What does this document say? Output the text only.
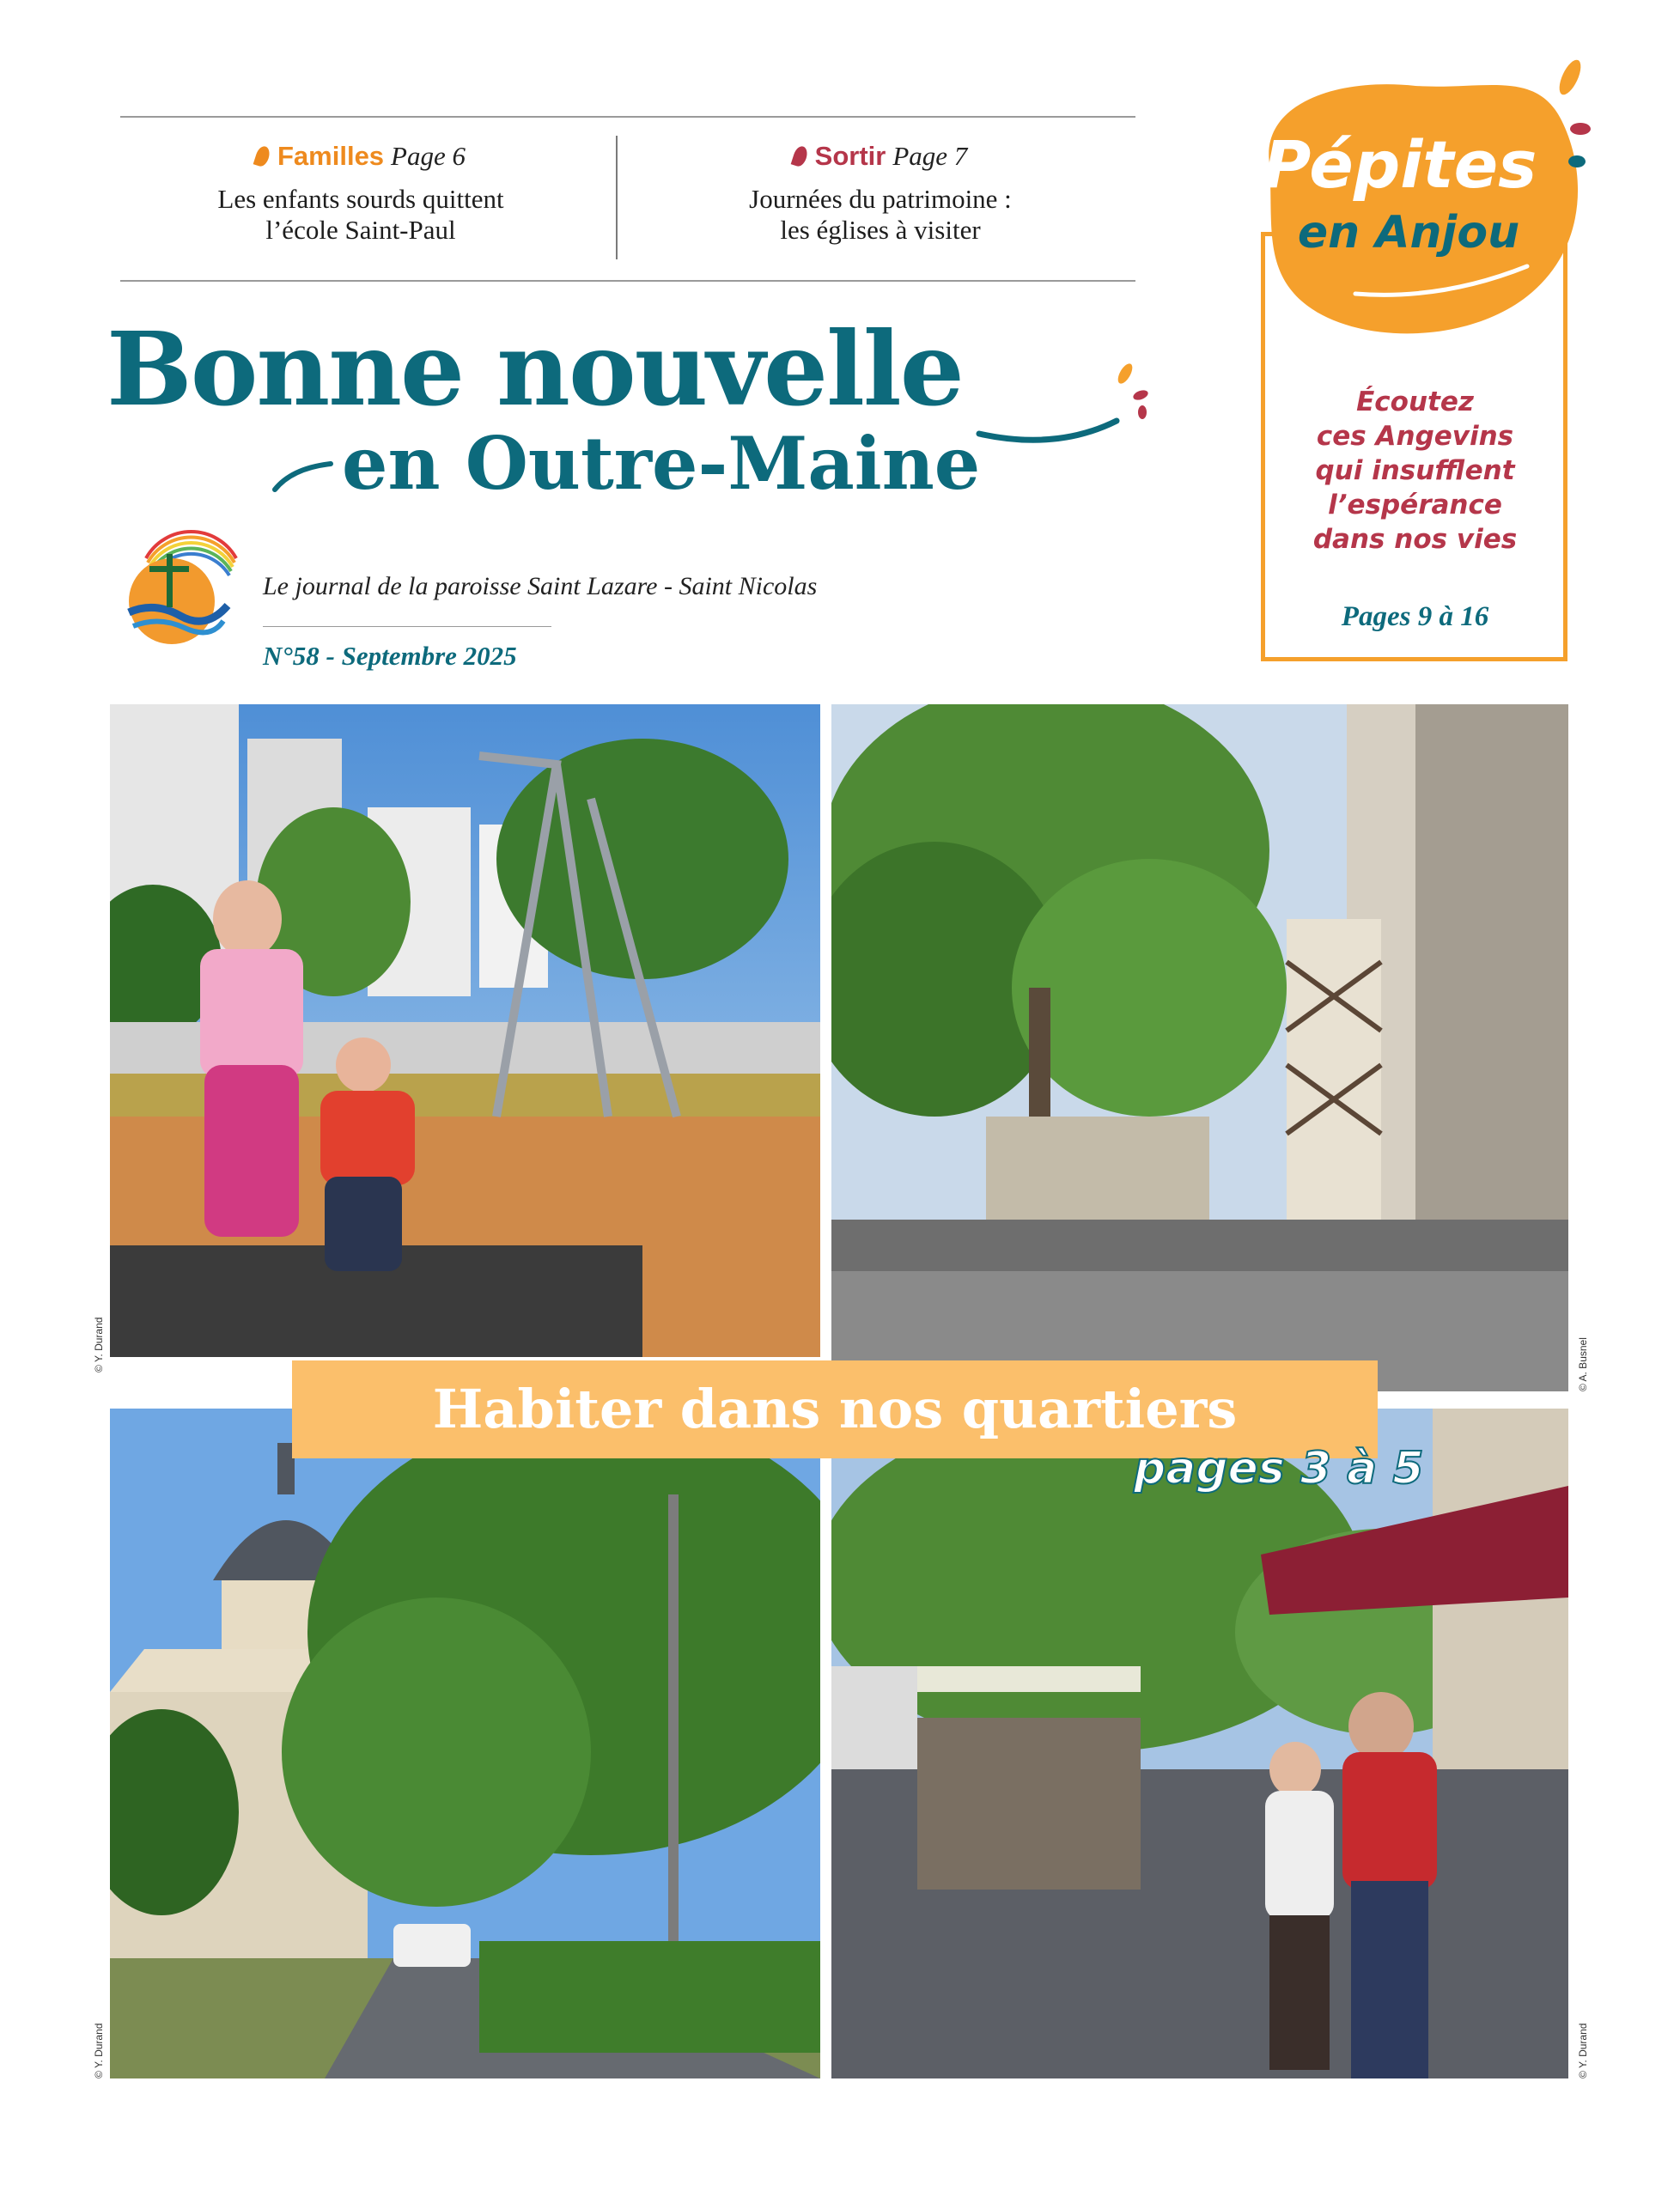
Familles Page 6
Les enfants sourds quittent
l’école Saint-Paul
Sortir Page 7
Journées du patrimoine :
les églises à visiter
Bonne nouvelle
en Outre-Maine
Le journal de la paroisse Saint Lazare - Saint Nicolas
N°58 - Septembre 2025
Pépites
en Anjou
Écoutez
ces Angevins
qui insufflent
l’espérance
dans nos vies
Pages 9 à 16
© Y. Durand	© A. Busnel
© Y. Durand	© Y. Durand
Habiter dans nos quartiers
pages 3 à 5
